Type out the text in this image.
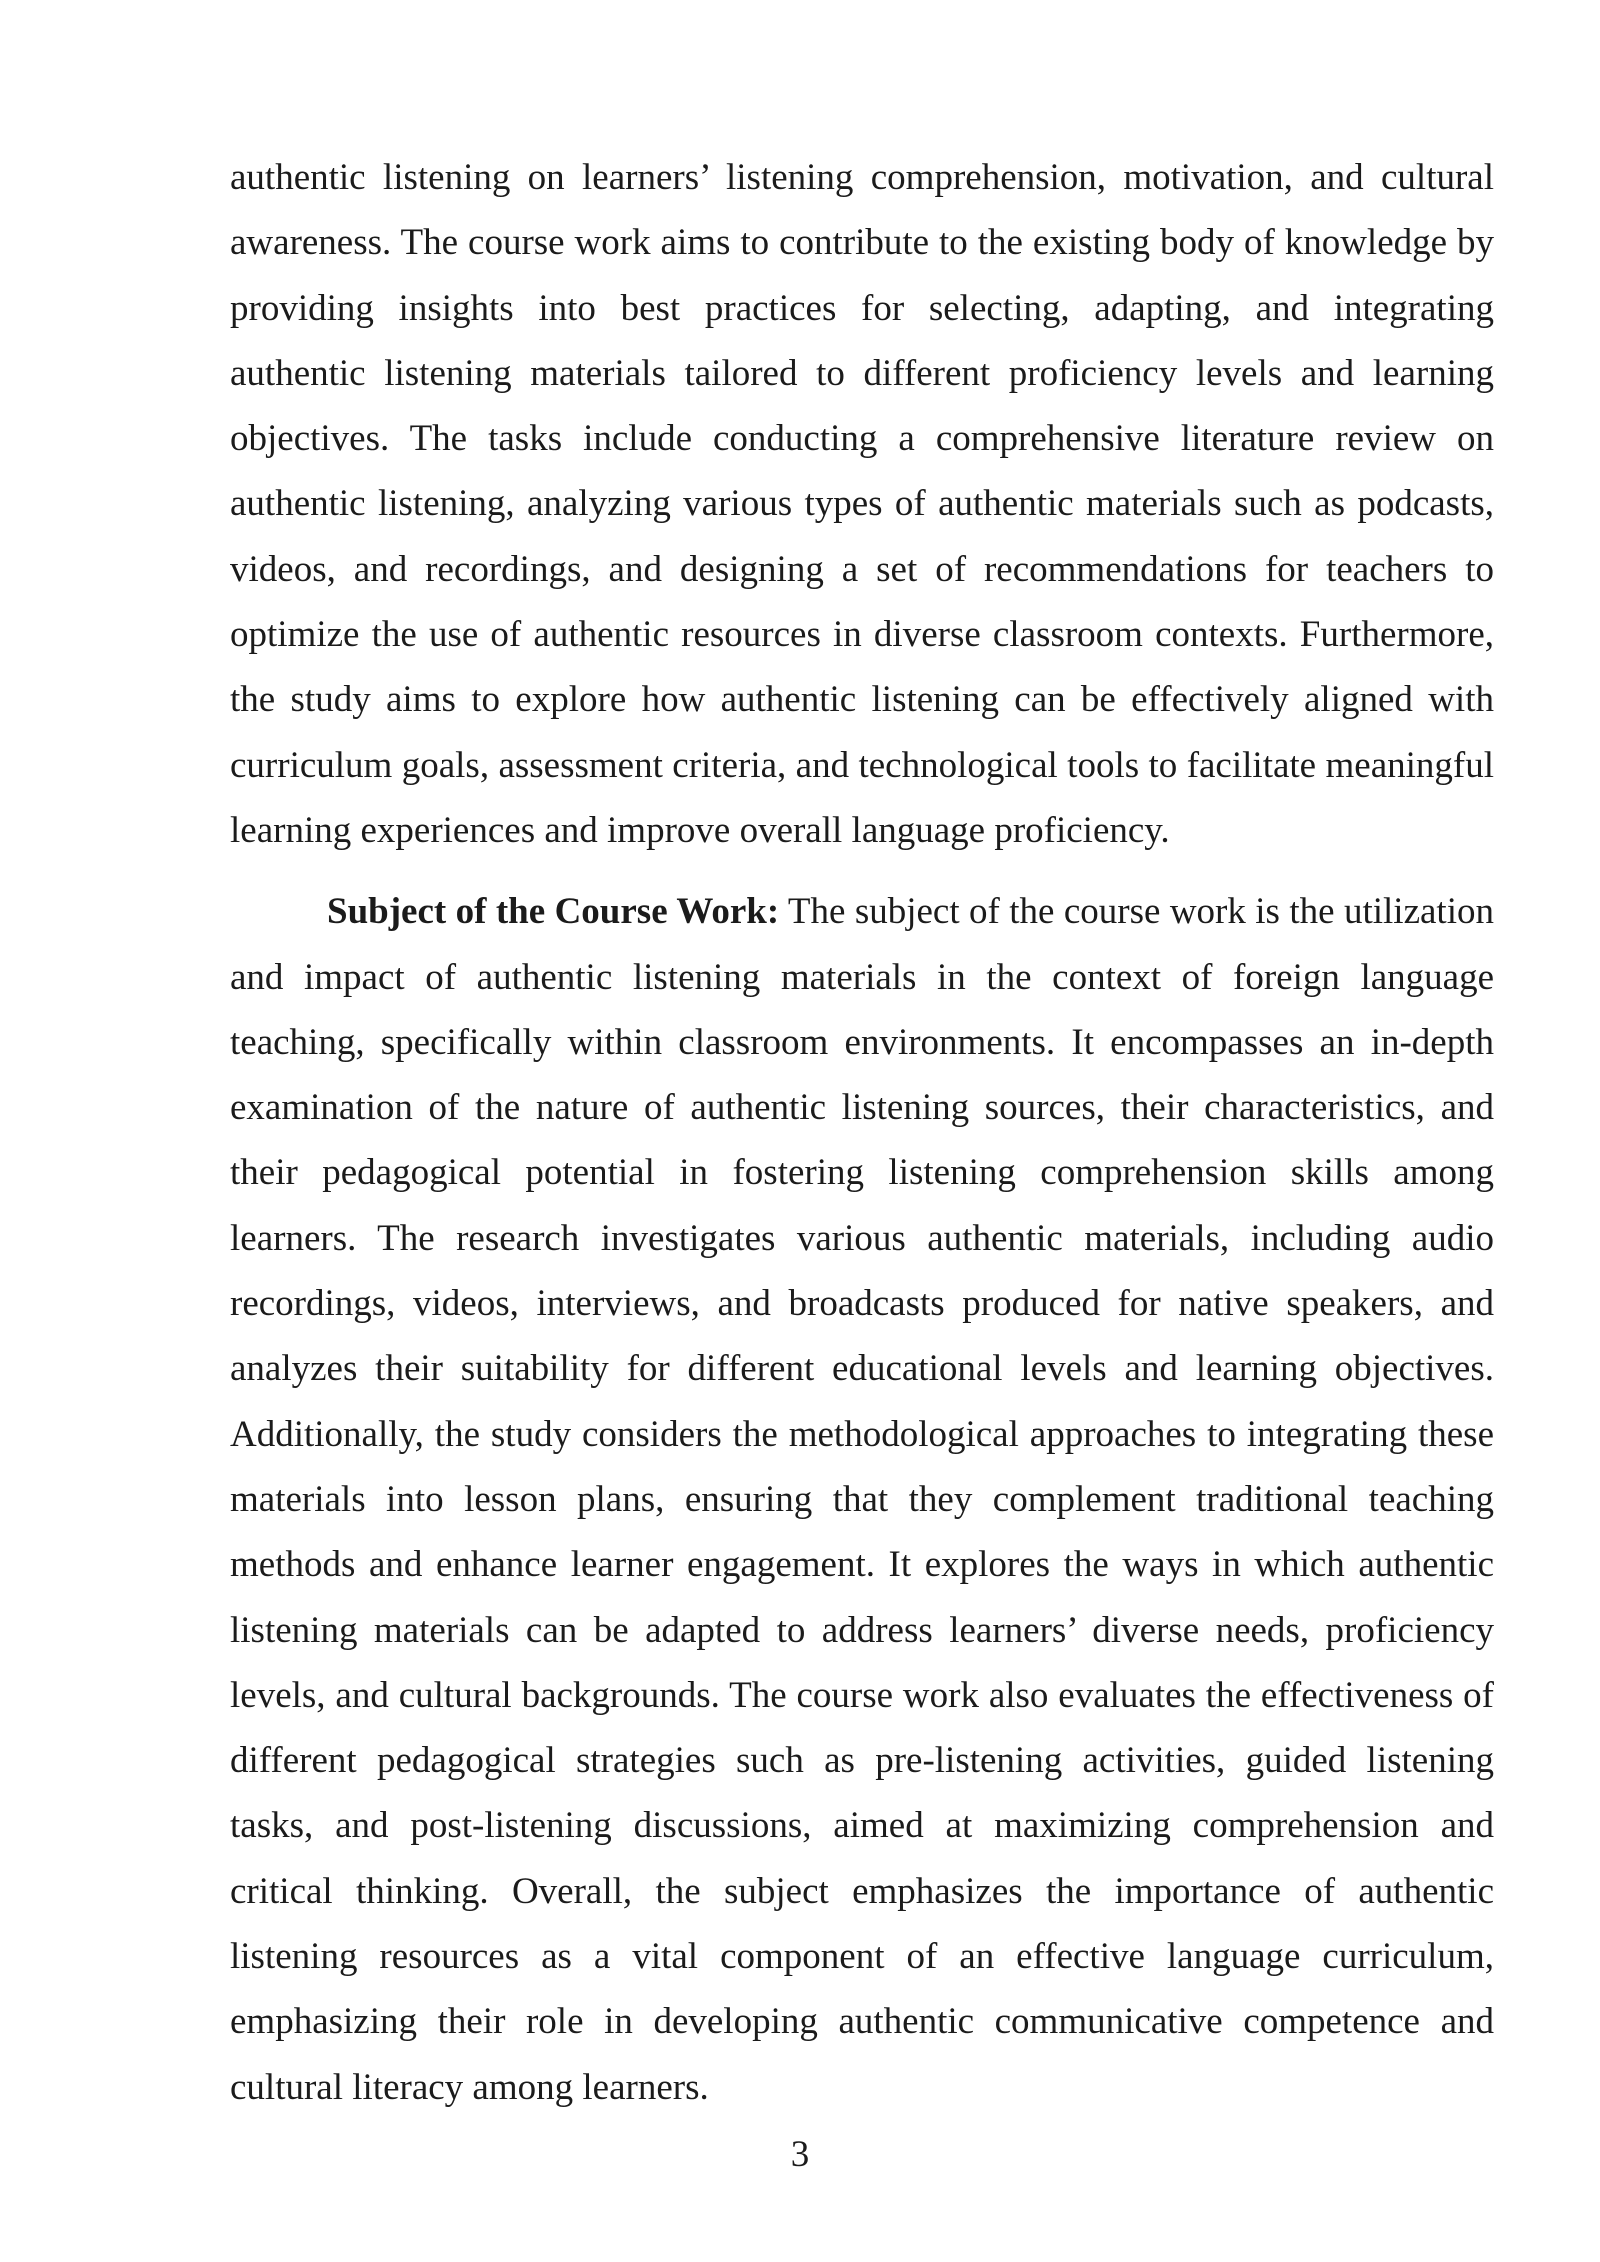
authentic listening on learners’ listening comprehension, motivation, and cultural awareness. The course work aims to contribute to the existing body of knowledge by providing insights into best practices for selecting, adapting, and integrating authentic listening materials tailored to different proficiency levels and learning objectives. The tasks include conducting a comprehensive literature review on authentic listening, analyzing various types of authentic materials such as podcasts, videos, and recordings, and designing a set of recommendations for teachers to optimize the use of authentic resources in diverse classroom contexts. Furthermore, the study aims to explore how authentic listening can be effectively aligned with curriculum goals, assessment criteria, and technological tools to facilitate meaningful learning experiences and improve overall language proficiency.

Subject of the Course Work: The subject of the course work is the utilization and impact of authentic listening materials in the context of foreign language teaching, specifically within classroom environments. It encompasses an in-depth examination of the nature of authentic listening sources, their characteristics, and their pedagogical potential in fostering listening comprehension skills among learners. The research investigates various authentic materials, including audio recordings, videos, interviews, and broadcasts produced for native speakers, and analyzes their suitability for different educational levels and learning objectives. Additionally, the study considers the methodological approaches to integrating these materials into lesson plans, ensuring that they complement traditional teaching methods and enhance learner engagement. It explores the ways in which authentic listening materials can be adapted to address learners’ diverse needs, proficiency levels, and cultural backgrounds. The course work also evaluates the effectiveness of different pedagogical strategies such as pre-listening activities, guided listening tasks, and post-listening discussions, aimed at maximizing comprehension and critical thinking. Overall, the subject emphasizes the importance of authentic listening resources as a vital component of an effective language curriculum, emphasizing their role in developing authentic communicative competence and cultural literacy among learners.

3
